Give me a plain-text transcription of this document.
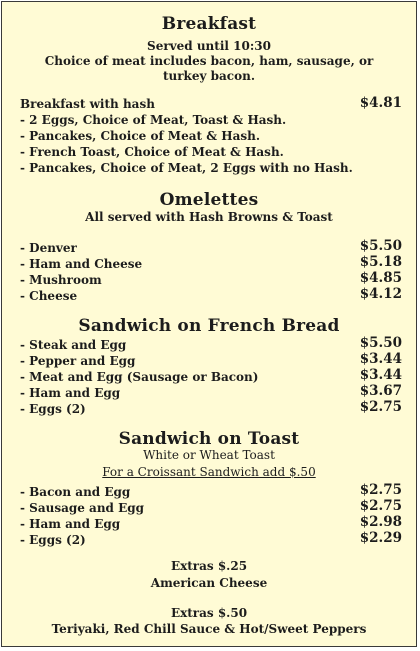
Breakfast
Served until 10:30
Choice of meat includes bacon, ham, sausage, or
turkey bacon.
Breakfast with hash	$4.81
- 2 Eggs, Choice of Meat, Toast & Hash.
- Pancakes, Choice of Meat & Hash.
- French Toast, Choice of Meat & Hash.
- Pancakes, Choice of Meat, 2 Eggs with no Hash.
Omelettes
All served with Hash Browns & Toast
- Denver	$5.50
- Ham and Cheese	$5.18
- Mushroom	$4.85
- Cheese	$4.12
Sandwich on French Bread
- Steak and Egg	$5.50
- Pepper and Egg	$3.44
- Meat and Egg (Sausage or Bacon)	$3.44
- Ham and Egg	$3.67
- Eggs (2)	$2.75
Sandwich on Toast
White or Wheat Toast
For a Croissant Sandwich add $.50
- Bacon and Egg	$2.75
- Sausage and Egg	$2.75
- Ham and Egg	$2.98
- Eggs (2)	$2.29
Extras $.25
American Cheese
Extras $.50
Teriyaki, Red Chill Sauce & Hot/Sweet Peppers
